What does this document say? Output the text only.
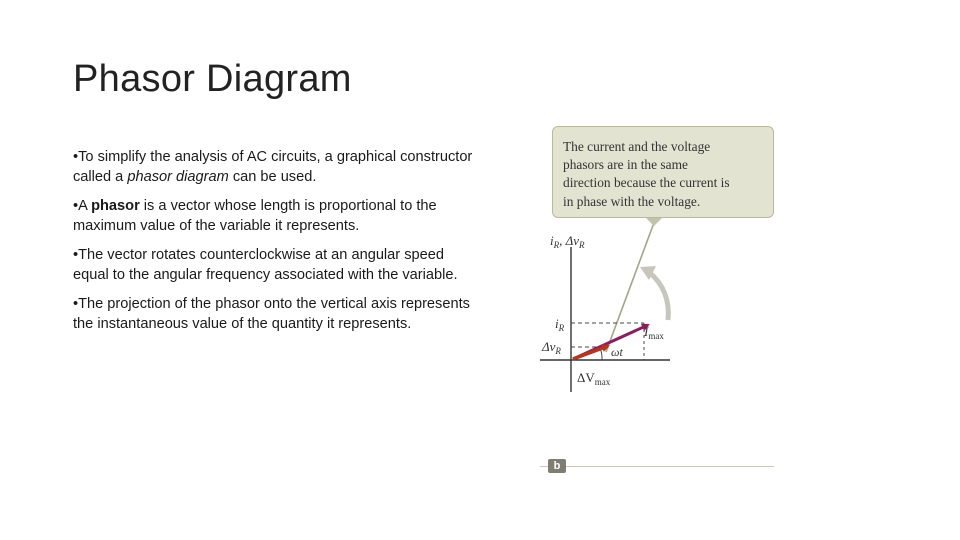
Phasor Diagram

•To simplify the analysis of AC circuits, a graphical constructor called a phasor diagram can be used.

•A phasor is a vector whose length is proportional to the maximum value of the variable it represents.

•The vector rotates counterclockwise at an angular speed equal to the angular frequency associated with the variable.

•The projection of the phasor onto the vertical axis represents the instantaneous value of the quantity it represents.

$i_R$, $\Delta v_R$
$i_R$
$\Delta v_R$
$I_{max}$
ωt
$\Delta V_{max}$
The current and the voltage
phasors are in the same
direction because the current is
in phase with the voltage.
b
